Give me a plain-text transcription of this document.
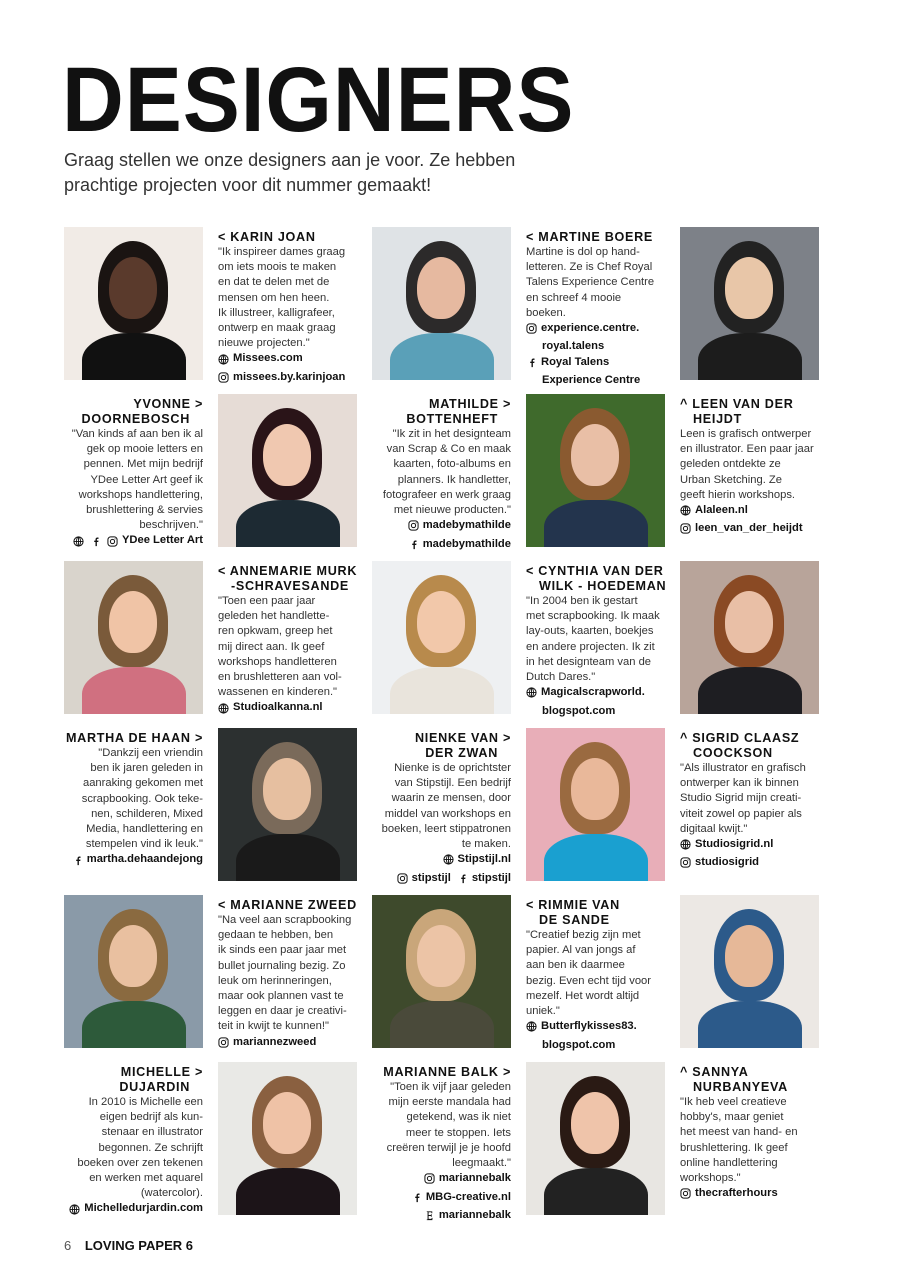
DESIGNERS

Graag stellen we onze designers aan je voor. Ze hebben prachtige projecten voor dit nummer gemaakt!

< KARIN JOAN
"Ik inspireer dames graag
om iets moois te maken
en dat te delen met de
mensen om hen heen.
Ik illustreer, kalligrafeer,
ontwerp en maak graag
nieuwe projecten."
Missees.com
missees.by.karinjoan
< MARTINE BOERE
Martine is dol op hand-
letteren. Ze is Chef Royal
Talens Experience Centre
en schreef 4 mooie
boeken.
experience.centre.
royal.talens
Royal Talens
Experience Centre
YVONNE >
DOORNEBOSCH
"Van kinds af aan ben ik al
gek op mooie letters en
pennen. Met mijn bedrijf
YDee Letter Art geef ik
workshops handlettering,
brushlettering & servies
beschrijven."
YDee Letter Art
MATHILDE >
BOTTENHEFT
"Ik zit in het designteam
van Scrap & Co en maak
kaarten, foto-albums en
planners. Ik handletter,
fotografeer en werk graag
met nieuwe producten."
madebymathilde
madebymathilde
^ LEEN VAN DER
HEIJDT
Leen is grafisch ontwerper
en illustrator. Een paar jaar
geleden ontdekte ze
Urban Sketching. Ze
geeft hierin workshops.
Alaleen.nl
leen_van_der_heijdt
< ANNEMARIE MURK
-SCHRAVESANDE
"Toen een paar jaar
geleden het handlette-
ren opkwam, greep het
mij direct aan. Ik geef
workshops handletteren
en brushletteren aan vol-
wassenen en kinderen."
Studioalkanna.nl
< CYNTHIA VAN DER
WILK - HOEDEMAN
"In 2004 ben ik gestart
met scrapbooking. Ik maak
lay-outs, kaarten, boekjes
en andere projecten. Ik zit
in het designteam van de
Dutch Dares."
Magicalscrapworld.
blogspot.com
MARTHA DE HAAN >
"Dankzij een vriendin
ben ik jaren geleden in
aanraking gekomen met
scrapbooking. Ook teke-
nen, schilderen, Mixed
Media, handlettering en
stempelen vind ik leuk."
martha.dehaandejong
NIENKE VAN >
DER ZWAN
Nienke is de oprichtster
van Stipstijl. Een bedrijf
waarin ze mensen, door
middel van workshops en
boeken, leert stippatronen
te maken.
Stipstijl.nl
stipstijl stipstijl
^ SIGRID CLAASZ
COOCKSON
"Als illustrator en grafisch
ontwerper kan ik binnen
Studio Sigrid mijn creati-
viteit zowel op papier als
digitaal kwijt."
Studiosigrid.nl
studiosigrid
< MARIANNE ZWEED
"Na veel aan scrapbooking
gedaan te hebben, ben
ik sinds een paar jaar met
bullet journaling bezig. Zo
leuk om herinneringen,
maar ook plannen vast te
leggen en daar je creativi-
teit in kwijt te kunnen!"
mariannezweed
< RIMMIE VAN
DE SANDE
"Creatief bezig zijn met
papier. Al van jongs af
aan ben ik daarmee
bezig. Even echt tijd voor
mezelf. Het wordt altijd
uniek."
Butterflykisses83.
blogspot.com
MICHELLE >
DUJARDIN
In 2010 is Michelle een
eigen bedrijf als kun-
stenaar en illustrator
begonnen. Ze schrijft
boeken over zen tekenen
en werken met aquarel
(watercolor).
Michelledurjardin.com
MARIANNE BALK >
"Toen ik vijf jaar geleden
mijn eerste mandala had
getekend, was ik niet
meer te stoppen. Iets
creëren terwijl je je hoofd
leegmaakt."
mariannebalk
MBG-creative.nl
mariannebalk
^ SANNYA
NURBANYEVA
"Ik heb veel creatieve
hobby's, maar geniet
het meest van hand- en
brushlettering. Ik geef
online handlettering
workshops."
thecrafterhours
6 LOVING PAPER 6
